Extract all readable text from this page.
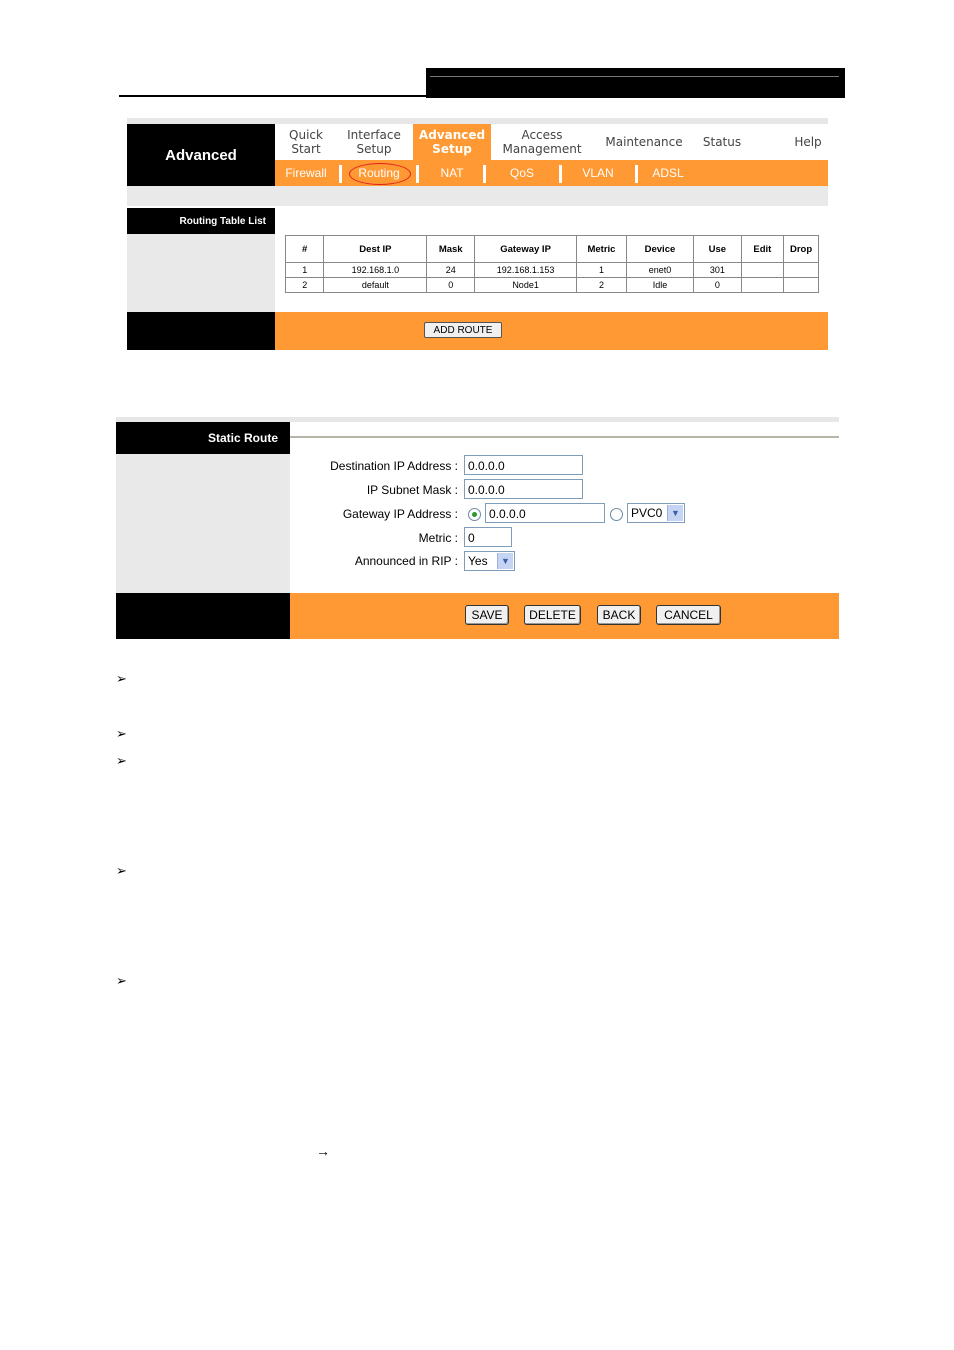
Advanced
Quick
Start
Interface
Setup
Advanced
Setup
Access
Management Maintenance Status	Help
Firewall	Routing	NAT	QoS	VLAN	ADSL
Routing Table List
#	Dest IP	Mask	Gateway IP	Metric	Device	Use	Edit	Drop
1	192.168.1.0	24	192.168.1.153	1	enet0	301		
2	default	0	Node1	2	Idle	0		
ADD ROUTE
Static Route
Destination IP Address : 0.0.0.0
IP Subnet Mask : 0.0.0.0
Gateway IP Address :	0.0.0.0	PVC0 ▼
Metric : 0
Announced in RIP : Yes	▼
SAVE	DELETE	BACK	CANCEL
➢
➢
➢
➢
➢
→
